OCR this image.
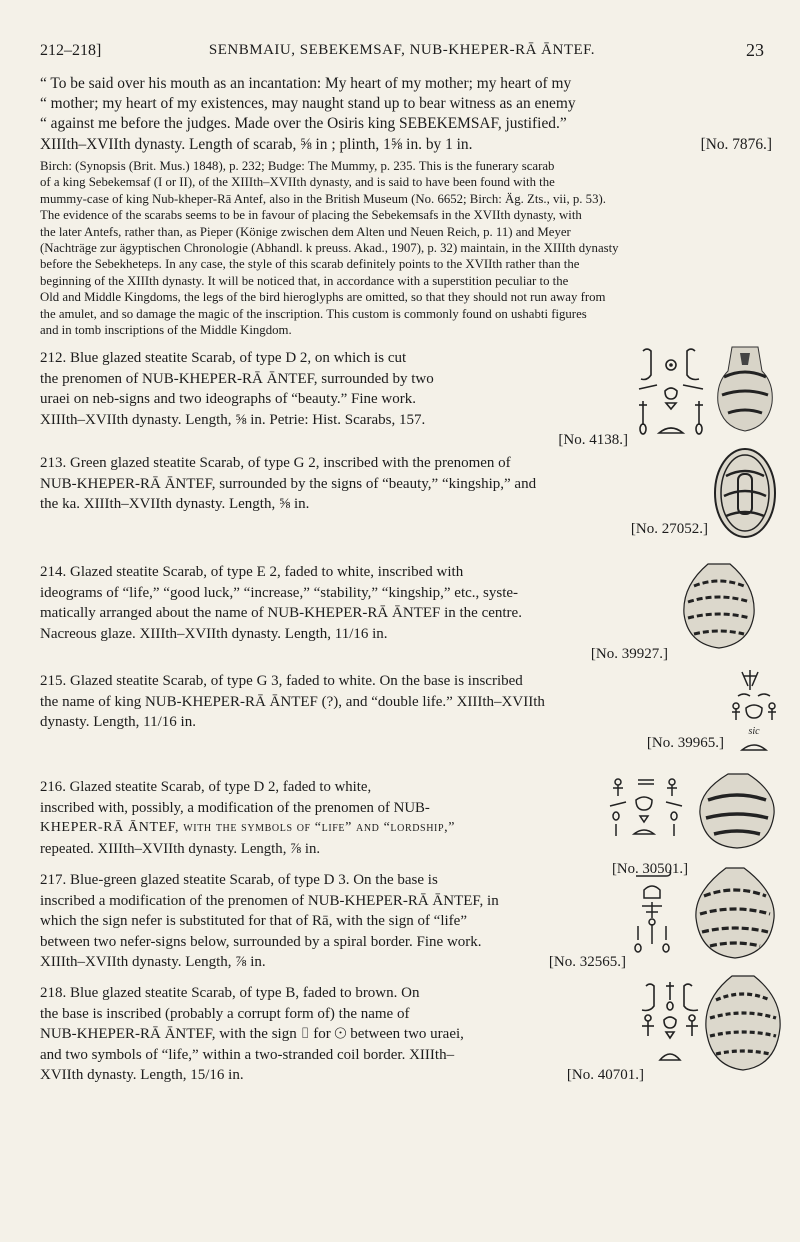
212–218]	SENBMAIU, SEBEKEMSAF, NUB-KHEPER-RĀ ĀNTEF.	23

“ To be said over his mouth as an incantation: My heart of my mother; my heart of my

“ mother; my heart of my existences, may naught stand up to bear witness as an enemy

“ against me before the judges. Made over the Osiris king SEBEKEMSAF, justified.”

XIIIth–XVIIth dynasty. Length of scarab, ⅝ in ; plinth, 1⅝ in. by 1 in.	[No. 7876.]

Birch: (Synopsis (Brit. Mus.) 1848), p. 232; Budge: The Mummy, p. 235. This is the funerary scarab

of a king Sebekemsaf (I or II), of the XIIIth–XVIIth dynasty, and is said to have been found with the

mummy-case of king Nub-kheper-Rā Antef, also in the British Museum (No. 6652; Birch: Äg. Zts., vii, p. 53).

The evidence of the scarabs seems to be in favour of placing the Sebekemsafs in the XVIIth dynasty, with

the later Antefs, rather than, as Pieper (Könige zwischen dem Alten und Neuen Reich, p. 11) and Meyer

(Nachträge zur ägyptischen Chronologie (Abhandl. k preuss. Akad., 1907), p. 32) maintain, in the XIIIth dynasty

before the Sebekheteps. In any case, the style of this scarab definitely points to the XVIIth rather than the

beginning of the XIIIth dynasty. It will be noticed that, in accordance with a superstition peculiar to the

Old and Middle Kingdoms, the legs of the bird hieroglyphs are omitted, so that they should not run away from

the amulet, and so damage the magic of the inscription. This custom is commonly found on ushabti figures

and in tomb inscriptions of the Middle Kingdom.

212. Blue glazed steatite Scarab, of type D 2, on which is cut

the prenomen of NUB-KHEPER-RĀ ĀNTEF, surrounded by two

uraei on neb-signs and two ideographs of “beauty.” Fine work.

XIIIth–XVIIth dynasty. Length, ⅝ in. Petrie: Hist. Scarabs, 157.

[No. 4138.]

213. Green glazed steatite Scarab, of type G 2, inscribed with the prenomen of

NUB-KHEPER-RĀ ĀNTEF, surrounded by the signs of “beauty,” “kingship,” and

the ka. XIIIth–XVIIth dynasty. Length, ⅝ in.

[No. 27052.]

214. Glazed steatite Scarab, of type E 2, faded to white, inscribed with

ideograms of “life,” “good luck,” “increase,” “stability,” “kingship,” etc., syste-

matically arranged about the name of NUB-KHEPER-RĀ ĀNTEF in the centre.

Nacreous glaze. XIIIth–XVIIth dynasty. Length, 11/16 in.

[No. 39927.]

215. Glazed steatite Scarab, of type G 3, faded to white. On the base is inscribed

the name of king NUB-KHEPER-RĀ ĀNTEF (?), and “double life.” XIIIth–XVIIth

dynasty. Length, 11/16 in.

[No. 39965.]

sic

216. Glazed steatite Scarab, of type D 2, faded to white,

inscribed with, possibly, a modification of the prenomen of NUB-

KHEPER-RĀ ĀNTEF, with the symbols of “life” and “lordship,”

repeated. XIIIth–XVIIth dynasty. Length, ⅞ in.

[No. 30501.]

217. Blue-green glazed steatite Scarab, of type D 3. On the base is

inscribed a modification of the prenomen of NUB-KHEPER-RĀ ĀNTEF, in

which the sign nefer is substituted for that of Rā, with the sign of “life”

between two nefer-signs below, surrounded by a spiral border. Fine work.

XIIIth–XVIIth dynasty. Length, ⅞ in.	[No. 32565.]

218. Blue glazed steatite Scarab, of type B, faded to brown. On

the base is inscribed (probably a corrupt form of) the name of

NUB-KHEPER-RĀ ĀNTEF, with the sign ⌷ for ☉ between two uraei,

and two symbols of “life,” within a two-stranded coil border. XIIIth–

XVIIth dynasty. Length, 15/16 in.	[No. 40701.]
